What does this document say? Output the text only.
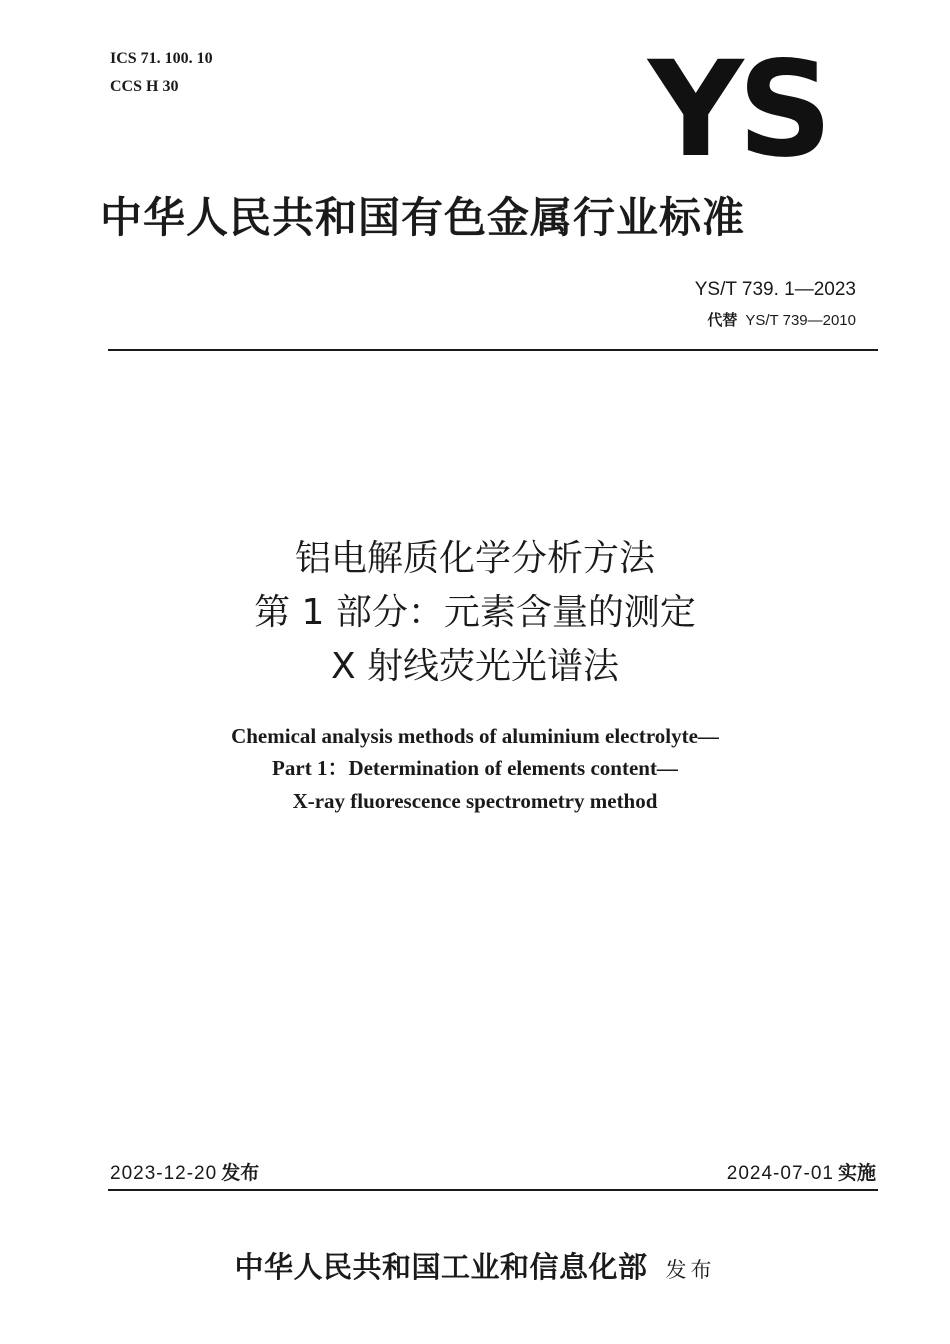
ICS 71. 100. 10
CCS H 30	YS
中华人民共和国有色金属行业标准
YS/T 739. 1—2023
代替 YS/T 739—2010
铝电解质化学分析方法
第 1 部分：元素含量的测定
X 射线荧光光谱法
Chemical analysis methods of aluminium electrolyte—
Part 1：Determination of elements content—
X-ray fluorescence spectrometry method
2023-12-20 发布	2024-07-01 实施
中华人民共和国工业和信息化部 发布
